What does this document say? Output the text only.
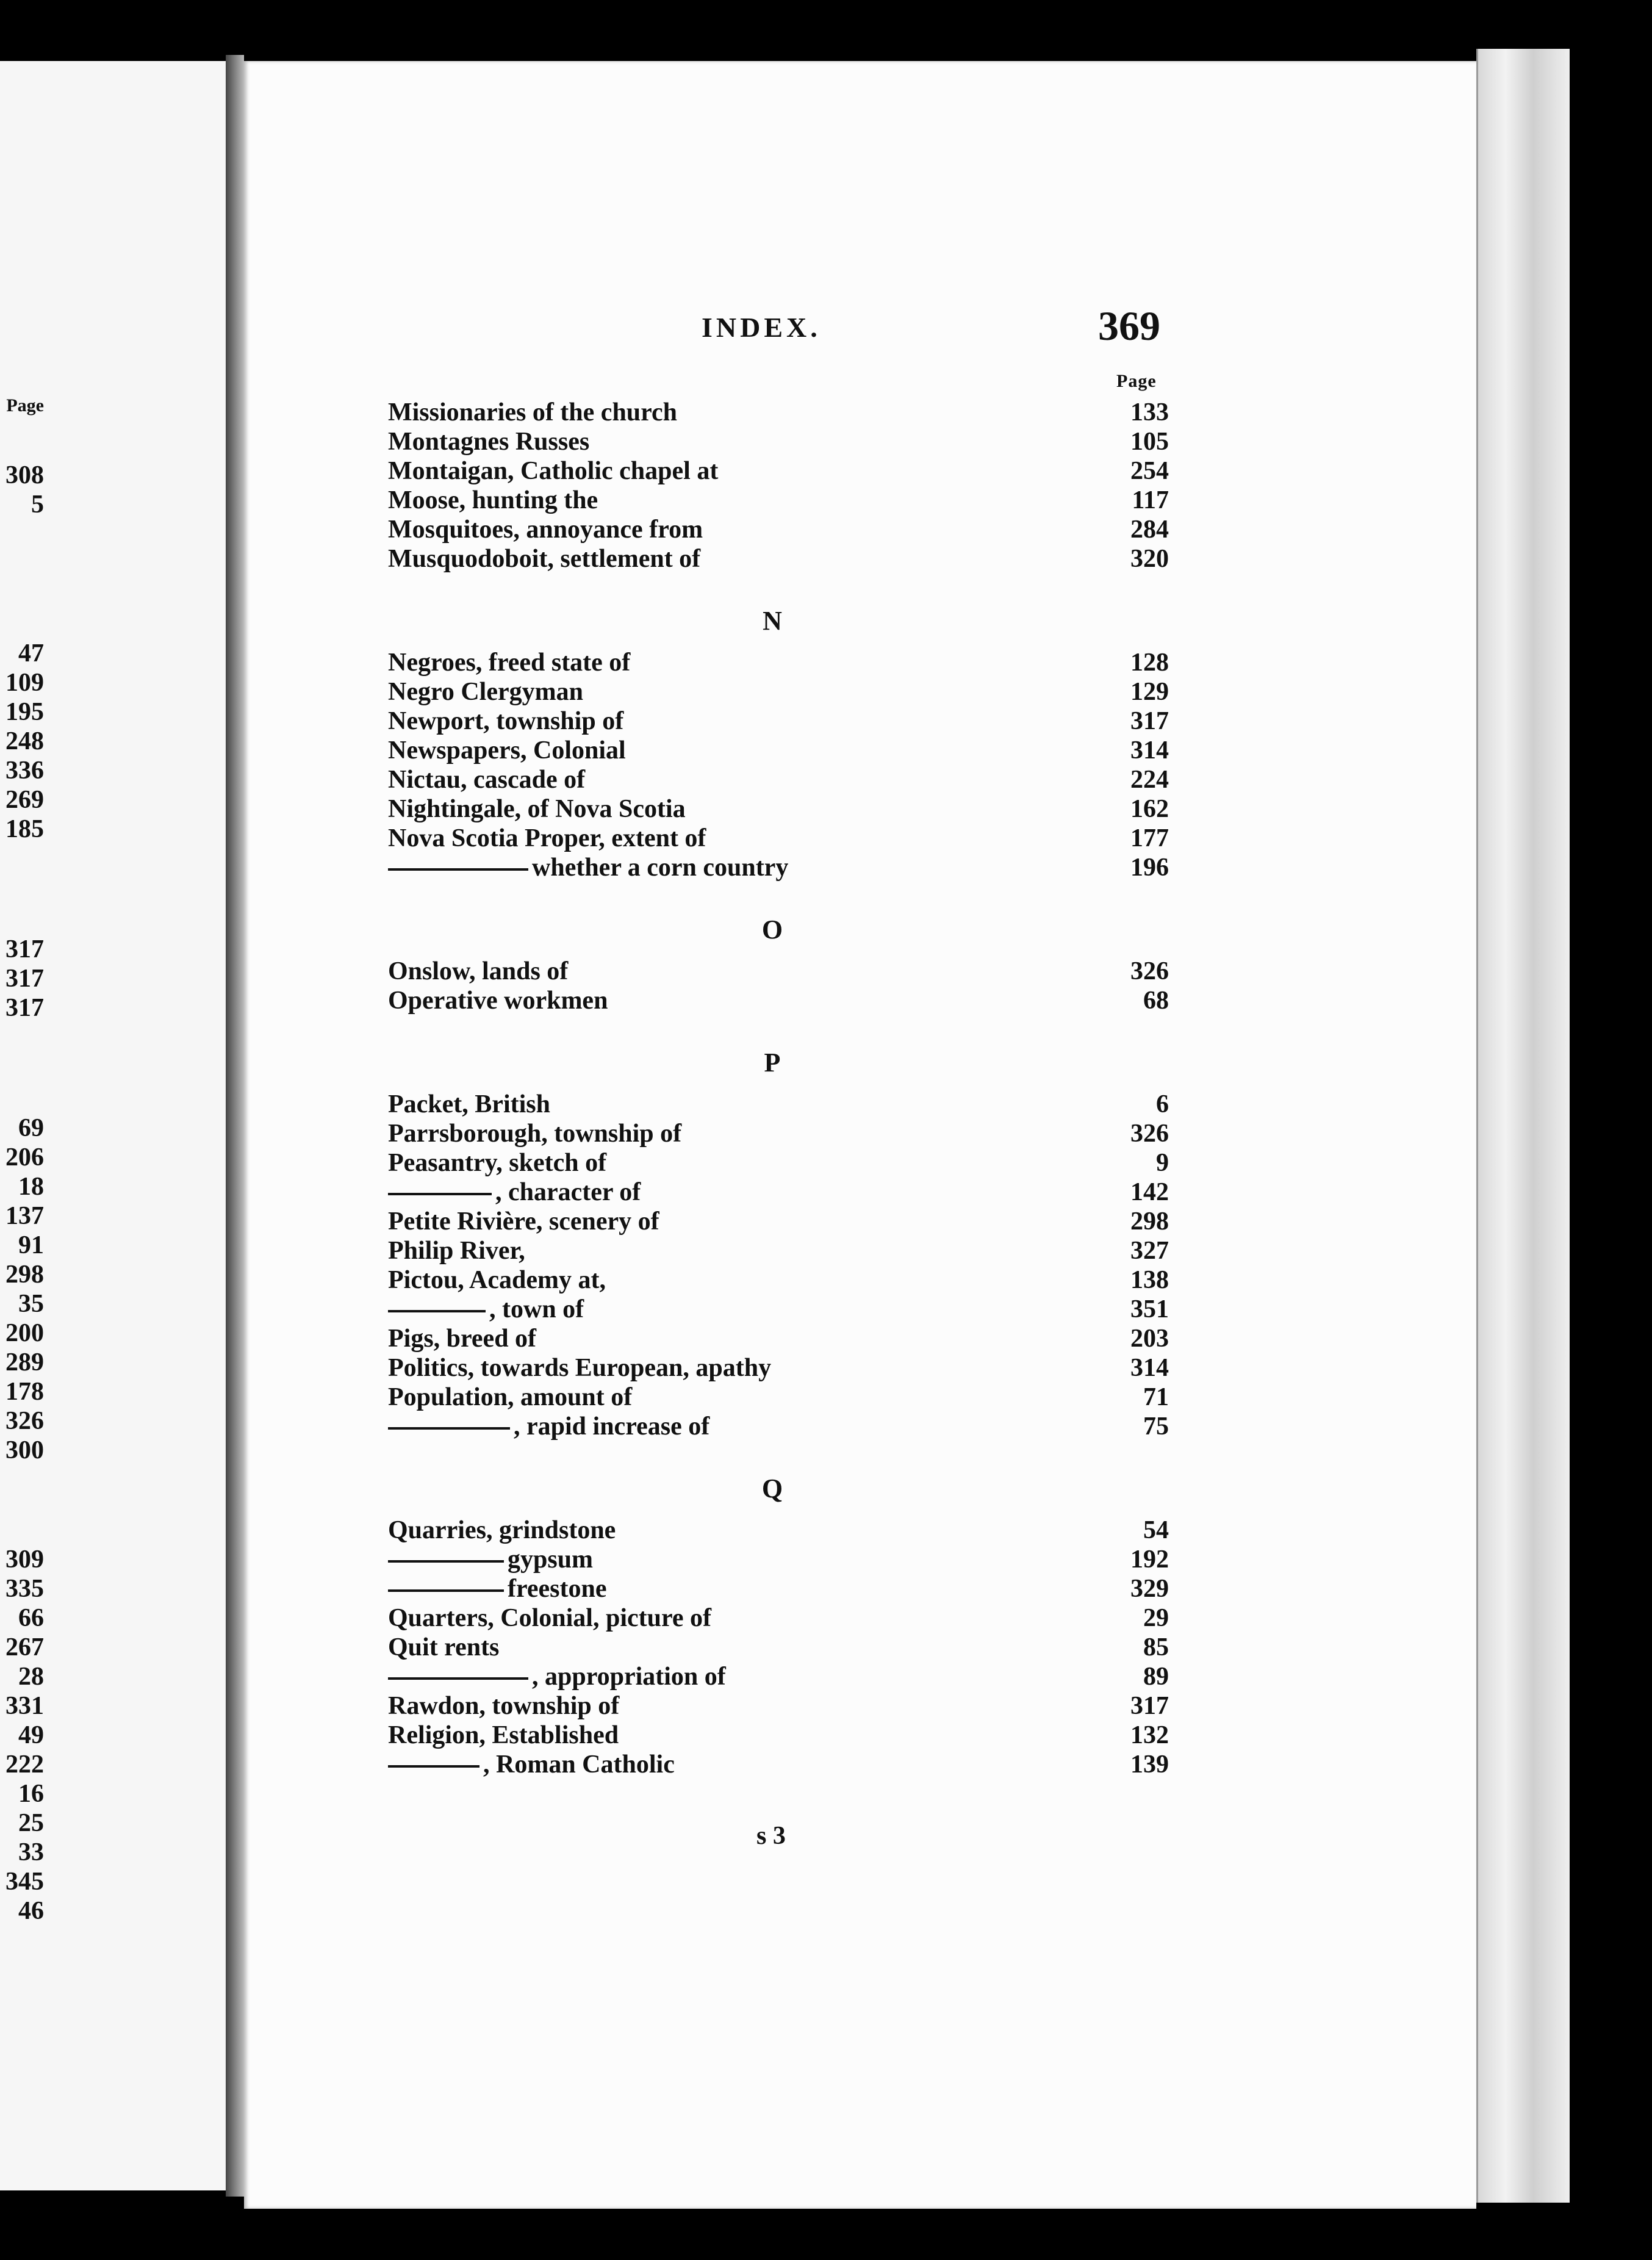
Page
308
5
47
109
195
248
336
269
185
317
317
317
69
206
18
137
91
298
35
200
289
178
326
300
309
335
66
267
28
331
49
222
16
25
33
345
46
INDEX.	369
Page
Missionaries of the church	133
Montagnes Russes	105
Montaigan, Catholic chapel at	254
Moose, hunting the	117
Mosquitoes, annoyance from	284
Musquodoboit, settlement of	320
N
Negroes, freed state of	128
Negro Clergyman	129
Newport, township of	317
Newspapers, Colonial	314
Nictau, cascade of	224
Nightingale, of Nova Scotia	162
Nova Scotia Proper, extent of	177
whether a corn country	196
O
Onslow, lands of	326
Operative workmen	68
P
Packet, British	6
Parrsborough, township of	326
Peasantry, sketch of	9
, character of	142
Petite Rivière, scenery of	298
Philip River,	327
Pictou, Academy at,	138
, town of	351
Pigs, breed of	203
Politics, towards European, apathy	314
Population, amount of	71
, rapid increase of	75
Q
Quarries, grindstone	54
gypsum	192
freestone	329
Quarters, Colonial, picture of	29
Quit rents	85
, appropriation of	89
Rawdon, township of	317
Religion, Established	132
, Roman Catholic	139
s 3
